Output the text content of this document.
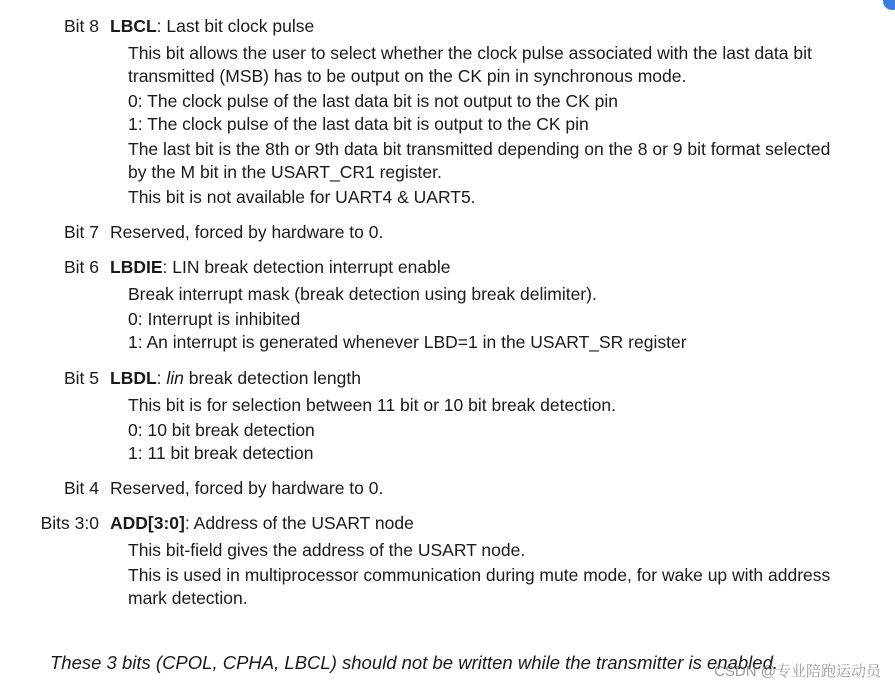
Bit 8 LBCL: Last bit clock pulse
This bit allows the user to select whether the clock pulse associated with the last data bit
transmitted (MSB) has to be output on the CK pin in synchronous mode.
0: The clock pulse of the last data bit is not output to the CK pin
1: The clock pulse of the last data bit is output to the CK pin
The last bit is the 8th or 9th data bit transmitted depending on the 8 or 9 bit format selected
by the M bit in the USART_CR1 register.
This bit is not available for UART4 & UART5.
Bit 7 Reserved, forced by hardware to 0.
Bit 6 LBDIE: LIN break detection interrupt enable
Break interrupt mask (break detection using break delimiter).
0: Interrupt is inhibited
1: An interrupt is generated whenever LBD=1 in the USART_SR register
Bit 5 LBDL: lin break detection length
This bit is for selection between 11 bit or 10 bit break detection.
0: 10 bit break detection
1: 11 bit break detection
Bit 4 Reserved, forced by hardware to 0.
Bits 3:0 ADD[3:0]: Address of the USART node
This bit-field gives the address of the USART node.
This is used in multiprocessor communication during mute mode, for wake up with address
mark detection.
These 3 bits (CPOL, CPHA, LBCL) should not be written while the transmitter is enabled.
CSDN @专业陪跑运动员
